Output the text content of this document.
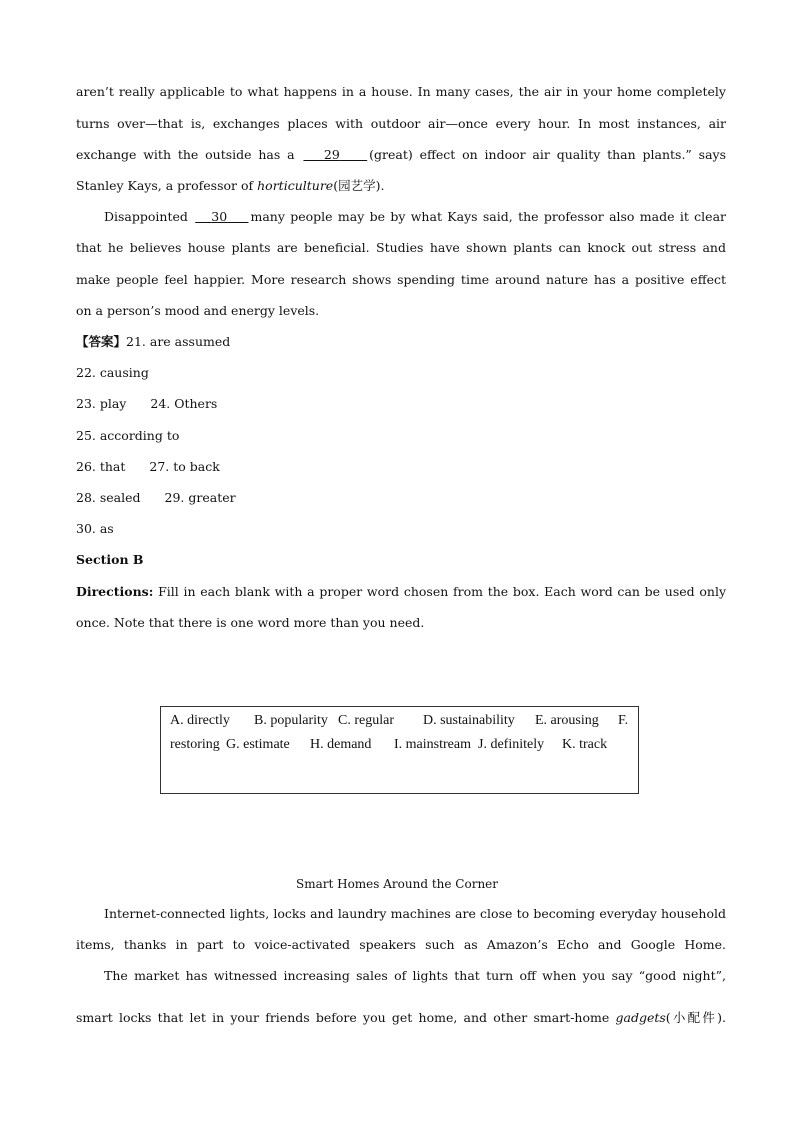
aren’t really applicable to what happens in a house. In many cases, the air in your home completely
turns over—that is, exchanges places with outdoor air—once every hour. In most instances, air
exchange with the outside has a    29 (great) effect on indoor air quality than plants.” says
Stanley Kays, a professor of horticulture(园艺学).
Disappointed    30 many people may be by what Kays said, the professor also made it clear
that he believes house plants are beneficial. Studies have shown plants can knock out stress and
make people feel happier. More research shows spending time around nature has a positive effect
on a person’s mood and energy levels.
【答案】21. are assumed
22. causing
23. play 24. Others
25. according to
26. that 27. to back
28. sealed 29. greater
30. as
Section B
Directions: Fill in each blank with a proper word chosen from the box. Each word can be used only
once. Note that there is one word more than you need.
A. directly B. popularity C. regular D. sustainability E. arousing F.
restoring G. estimate H. demand I. mainstream J. definitely K. track
Smart Homes Around the Corner
Internet-connected lights, locks and laundry machines are close to becoming everyday household
items, thanks in part to voice-activated speakers such as Amazon’s Echo and Google Home.
The market has witnessed increasing sales of lights that turn off when you say “good night”,
smart locks that let in your friends before you get home, and other smart-home gadgets(小配件).
